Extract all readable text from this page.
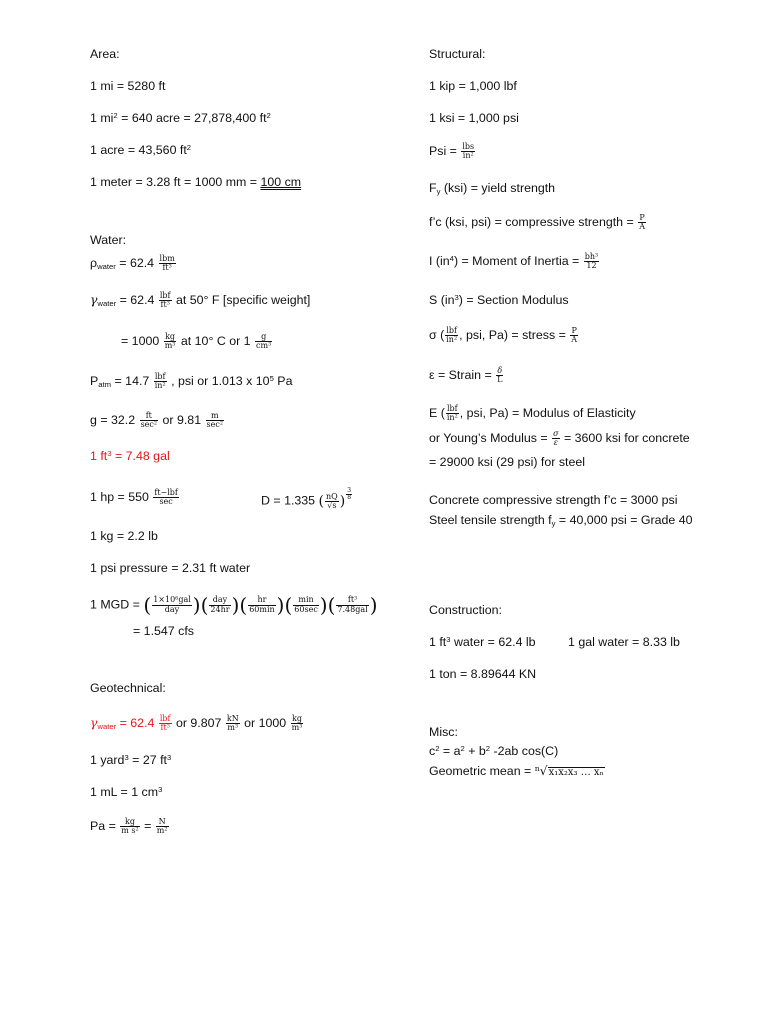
Area:
1 mi = 5280 ft
1 $mi^2 = 640$ acre = 27,878,400 $ft^2$
1 acre = 43,560 $ft^2$
1 meter = 3.28 ft = 1000 mm = 100 cm
Water:
$\rho_{water} = 62.4 \frac{\text{lbm}}{ft^3}$
$\gamma_{water} = 62.4 \frac{\text{lbf}}{ft^3}$ at 50° F [specific weight]
= $1000 \frac{kg}{m^3}$ at 10° C or $1 \frac{g}{cm^3}$
$P_{atm} = 14.7 \frac{\text{lbf}}{in^2}$ , psi or 1.013 x $10^5$ Pa
$g = 32.2 \frac{ft}{\sec^2}$ or $9.81 \frac{m}{\sec^2}$
1 $ft^3 = 7.48$ gal
1 hp = $550 \frac{\text{ft−lbf}}{\sec}$	D = 1.335 ( $\frac{nQ}{√s}$ ) $\frac{3}{8}$
1 kg = 2.2 lb
1 psi pressure = 2.31 ft water
1 MGD = ( $\frac{1\times 10^6gal}{\text{day}}$ )( $\frac{\text{day}}{24hr}$ )( $\frac{hr}{60\min}$ )( $\frac{\min}{60\sec}$ )( $\frac{ft^3}{\text{7.48gal}}$ )
= 1.547 cfs
Geotechnical:
$\gamma_{water} = 62.4 \frac{\text{lbf}}{ft^3}$ or $9.807 \frac{kN}{m^3}$ or $1000 \frac{kg}{m^3}$
1 yard$^3$ = 27 $ft^3$
1 mL = 1 $cm^3$
$Pa = \frac{kg}{m s^2} = \frac{N}{m^2}$
Structural:
1 kip = 1,000 lbf
1 ksi = 1,000 psi
Psi = $\frac{\text{lbs}}{in^2}$
$F_y$ (ksi) = yield strength
f’c (ksi, psi) = compressive strength = $\frac{P}{A}$
I $(in^4)$ = Moment of Inertia = $\frac{bh^3}{12}$
S $(in^3)$ = Section Modulus
σ ( $\frac{\text{lbf}}{in^2}$ , psi, Pa) = stress = $\frac{P}{A}$
ε = Strain = $\frac{\delta}{L}$
E ( $\frac{\text{lbf}}{in^2}$ , psi, Pa) = Modulus of Elasticity
or Young’s Modulus = $\frac{\sigma}{\varepsilon} = 3600$ ksi for concrete
= 29000 ksi (29 psi) for steel
Concrete compressive strength f’c = 3000 psi
Steel tensile strength $f_y = 40,000$ psi = Grade 40
Construction:
1 $ft^3$ water = 62.4 lb	1 gal water = 8.33 lb
1 ton = 8.89644 KN
Misc:
$c^2 = a^2 + b^2$ -2ab cos(C)
Geometric mean = $^n$√x₁x₂x₃ … xₙ
